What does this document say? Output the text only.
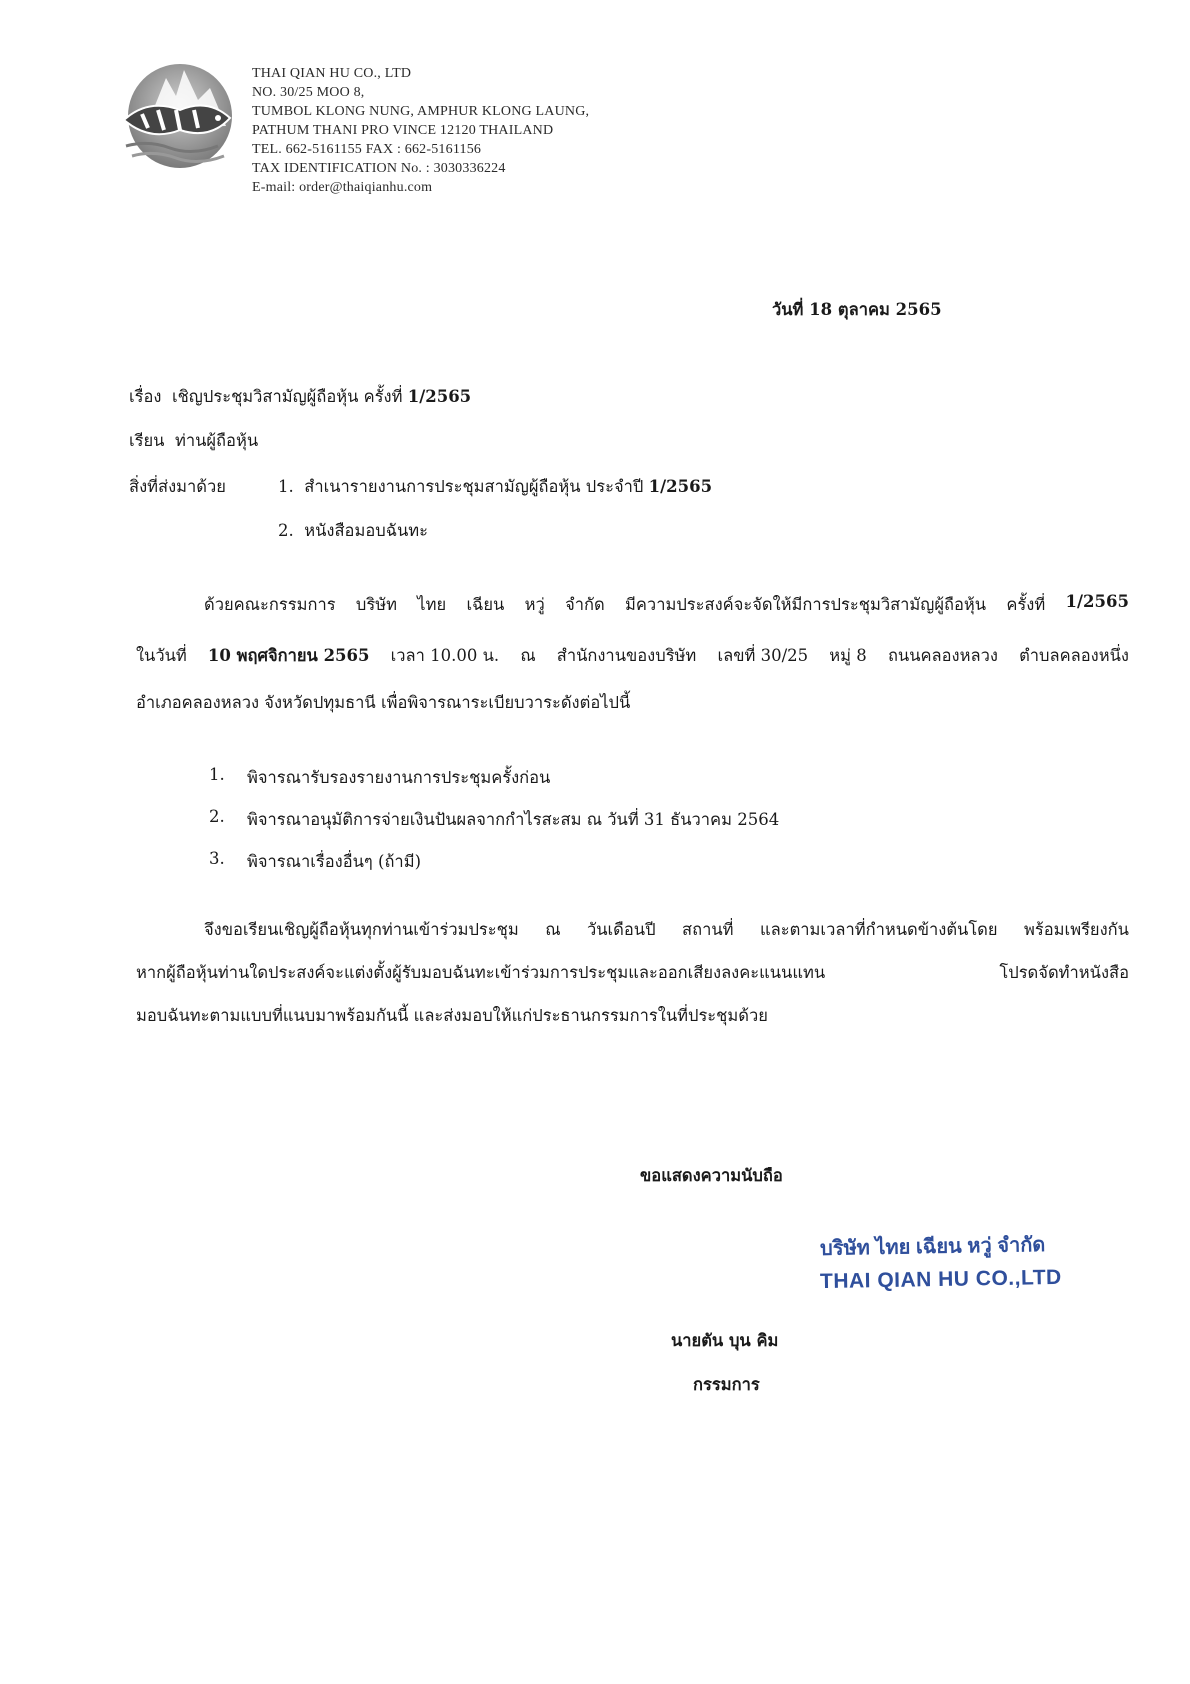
THAI QIAN HU CO., LTD
NO. 30/25 MOO 8,
TUMBOL KLONG NUNG, AMPHUR KLONG LAUNG,
PATHUM THANI PRO VINCE 12120 THAILAND
TEL. 662-5161155 FAX : 662-5161156
TAX IDENTIFICATION No. : 3030336224
E-mail: order@thaiqianhu.com
วันที่ 18 ตุลาคม 2565
เรื่อง เชิญประชุมวิสามัญผู้ถือหุ้น ครั้งที่ 1/2565
เรียน ท่านผู้ถือหุ้น
สิ่งที่ส่งมาด้วย	1. สำเนารายงานการประชุมสามัญผู้ถือหุ้น ประจำปี 1/2565
2. หนังสือมอบฉันทะ
ด้วยคณะกรรมการ บริษัท ไทย เฉียน หวู่ จำกัด มีความประสงค์จะจัดให้มีการประชุมวิสามัญผู้ถือหุ้น ครั้งที่ 1/2565
ในวันที่ 10 พฤศจิกายน 2565 เวลา 10.00 น. ณ สำนักงานของบริษัท เลขที่ 30/25 หมู่ 8 ถนนคลองหลวง ตำบลคลองหนึ่ง
อำเภอคลองหลวง จังหวัดปทุมธานี เพื่อพิจารณาระเบียบวาระดังต่อไปนี้
1. พิจารณารับรองรายงานการประชุมครั้งก่อน
2. พิจารณาอนุมัติการจ่ายเงินปันผลจากกำไรสะสม ณ วันที่ 31 ธันวาคม 2564
3. พิจารณาเรื่องอื่นๆ (ถ้ามี)
จึงขอเรียนเชิญผู้ถือหุ้นทุกท่านเข้าร่วมประชุม ณ วันเดือนปี สถานที่ และตามเวลาที่กำหนดข้างต้นโดย พร้อมเพรียงกัน
หากผู้ถือหุ้นท่านใดประสงค์จะแต่งตั้งผู้รับมอบฉันทะเข้าร่วมการประชุมและออกเสียงลงคะแนนแทน	โปรดจัดทำหนังสือ
มอบฉันทะตามแบบที่แนบมาพร้อมกันนี้ และส่งมอบให้แก่ประธานกรรมการในที่ประชุมด้วย
ขอแสดงความนับถือ
บริษัท ไทย เฉียน หวู่ จำกัด
THAI QIAN HU CO.,LTD
นายตัน บุน คิม
กรรมการ
